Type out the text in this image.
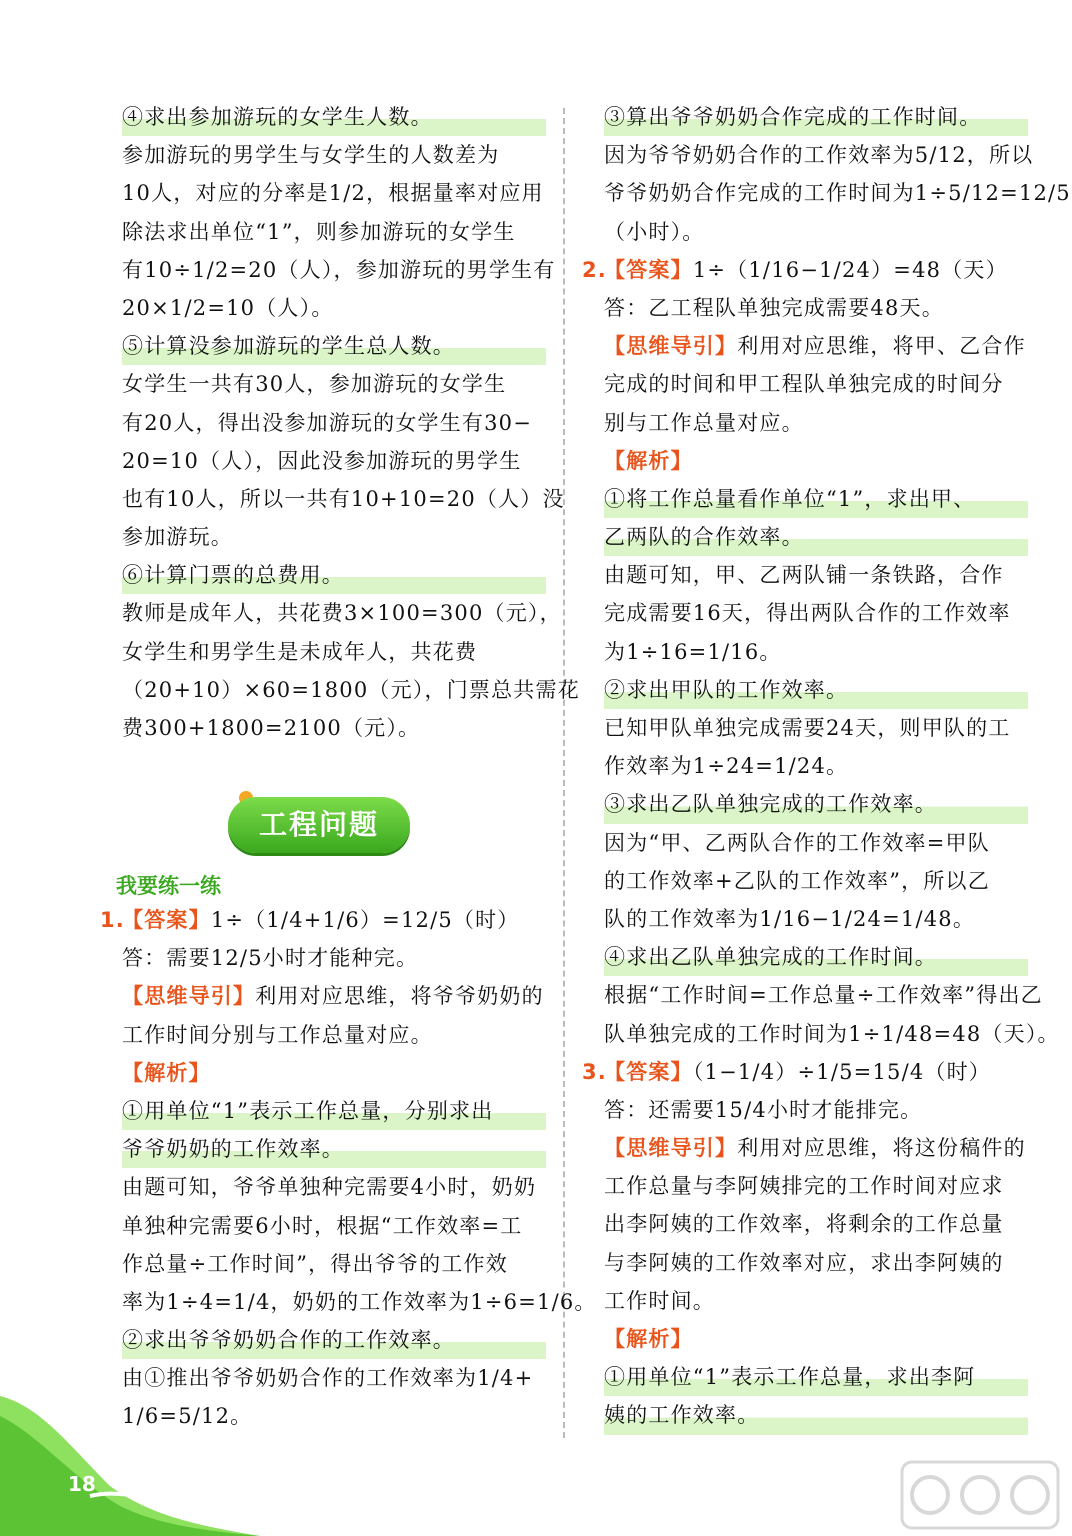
④求出参加游玩的女学生人数。
参加游玩的男学生与女学生的人数差为
10人，对应的分率是1/2，根据量率对应用
除法求出单位“1”，则参加游玩的女学生
有10÷1/2=20（人），参加游玩的男学生有
20×1/2=10（人）。
⑤计算没参加游玩的学生总人数。
女学生一共有30人，参加游玩的女学生
有20人，得出没参加游玩的女学生有30−
20=10（人），因此没参加游玩的男学生
也有10人，所以一共有10+10=20（人）没
参加游玩。
⑥计算门票的总费用。
教师是成年人，共花费3×100=300（元），
女学生和男学生是未成年人，共花费
（20+10）×60=1800（元），门票总共需花
费300+1800=2100（元）。
工程问题
我要练一练
1.【答案】1÷（1/4+1/6）=12/5（时）
答：需要12/5小时才能种完。
【思维导引】利用对应思维，将爷爷奶奶的
工作时间分别与工作总量对应。
【解析】
①用单位“1”表示工作总量，分别求出
爷爷奶奶的工作效率。
由题可知，爷爷单独种完需要4小时，奶奶
单独种完需要6小时，根据“工作效率=工
作总量÷工作时间”，得出爷爷的工作效
率为1÷4=1/4，奶奶的工作效率为1÷6=1/6。
②求出爷爷奶奶合作的工作效率。
由①推出爷爷奶奶合作的工作效率为1/4+
1/6=5/12。
③算出爷爷奶奶合作完成的工作时间。
因为爷爷奶奶合作的工作效率为5/12，所以
爷爷奶奶合作完成的工作时间为1÷5/12=12/5
（小时）。
2.【答案】1÷（1/16−1/24）=48（天）
答：乙工程队单独完成需要48天。
【思维导引】利用对应思维，将甲、乙合作
完成的时间和甲工程队单独完成的时间分
别与工作总量对应。
【解析】
①将工作总量看作单位“1”，求出甲、
乙两队的合作效率。
由题可知，甲、乙两队铺一条铁路，合作
完成需要16天，得出两队合作的工作效率
为1÷16=1/16。
②求出甲队的工作效率。
已知甲队单独完成需要24天，则甲队的工
作效率为1÷24=1/24。
③求出乙队单独完成的工作效率。
因为“甲、乙两队合作的工作效率=甲队
的工作效率+乙队的工作效率”，所以乙
队的工作效率为1/16−1/24=1/48。
④求出乙队单独完成的工作时间。
根据“工作时间=工作总量÷工作效率”得出乙
队单独完成的工作时间为1÷1/48=48（天）。
3.【答案】（1−1/4）÷1/5=15/4（时）
答：还需要15/4小时才能排完。
【思维导引】利用对应思维，将这份稿件的
工作总量与李阿姨排完的工作时间对应求
出李阿姨的工作效率，将剩余的工作总量
与李阿姨的工作效率对应，求出李阿姨的
工作时间。
【解析】
①用单位“1”表示工作总量，求出李阿
姨的工作效率。
18
